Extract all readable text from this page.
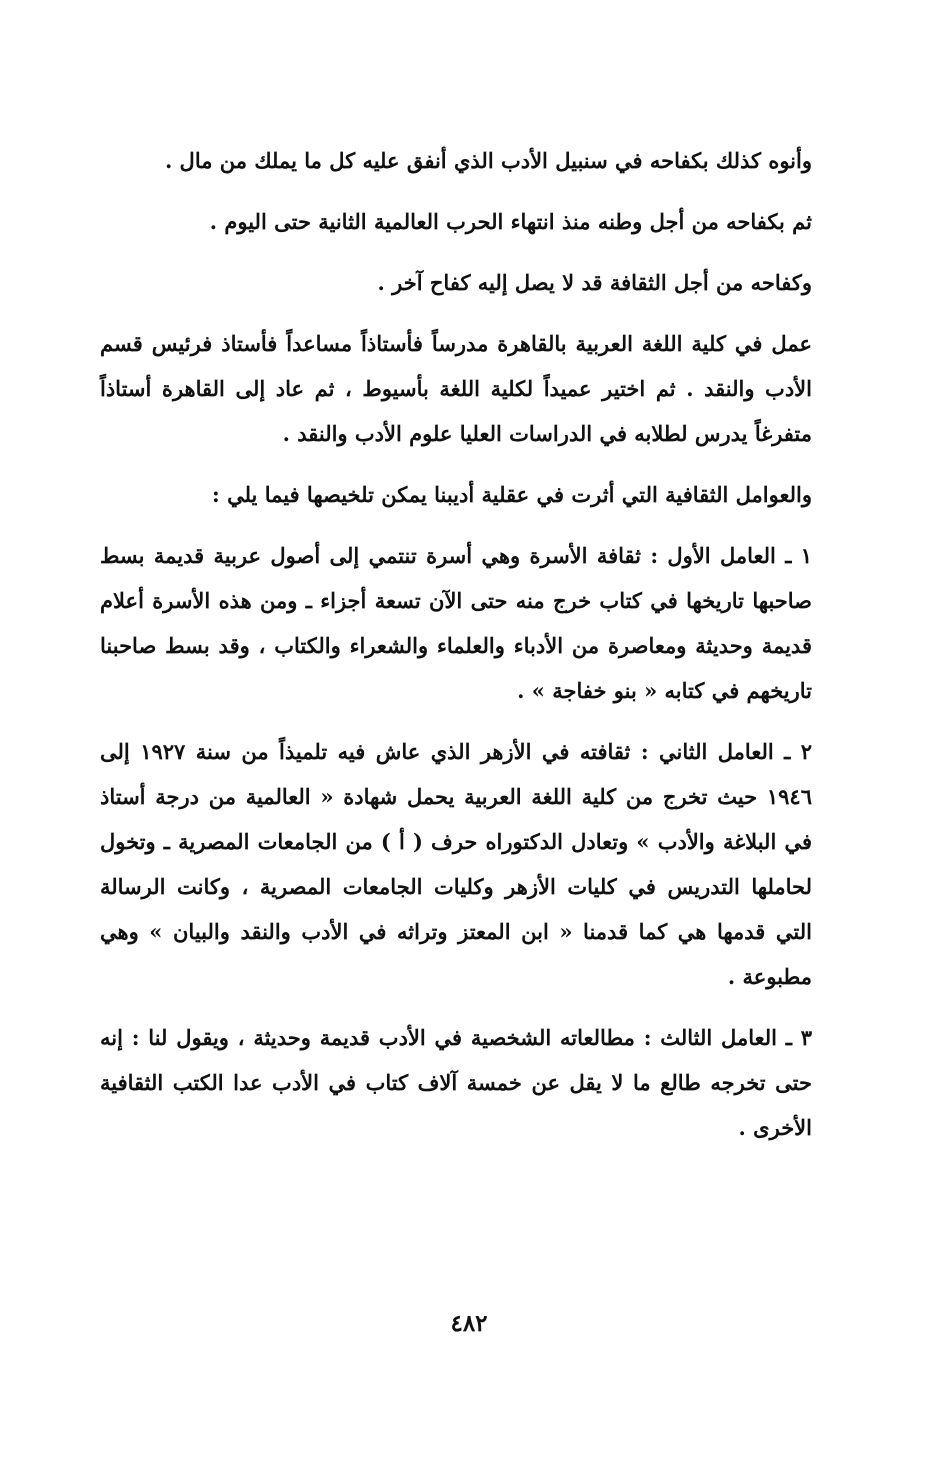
وأنوه كذلك بكفاحه في سنبيل الأدب الذي أنفق عليه كل ما يملك من مال .

ثم بكفاحه من أجل وطنه منذ انتهاء الحرب العالمية الثانية حتى اليوم .

وكفاحه من أجل الثقافة قد لا يصل إليه كفاح آخر .

عمل في كلية اللغة العربية بالقاهرة مدرساً فأستاذاً مساعداً فأستاذ فرئيس قسم الأدب والنقد . ثم اختير عميداً لكلية اللغة بأسيوط ، ثم عاد إلى القاهرة أستاذاً متفرغاً يدرس لطلابه في الدراسات العليا علوم الأدب والنقد .

والعوامل الثقافية التي أثرت في عقلية أديبنا يمكن تلخيصها فيما يلي :

١ ـ العامل الأول : ثقافة الأسرة وهي أسرة تنتمي إلى أصول عربية قديمة بسط صاحبها تاريخها في كتاب خرج منه حتى الآن تسعة أجزاء ـ ومن هذه الأسرة أعلام قديمة وحديثة ومعاصرة من الأدباء والعلماء والشعراء والكتاب ، وقد بسط صاحبنا تاريخهم في كتابه « بنو خفاجة » .

٢ ـ العامل الثاني : ثقافته في الأزهر الذي عاش فيه تلميذاً من سنة ١٩٢٧ إلى ١٩٤٦ حيث تخرج من كلية اللغة العربية يحمل شهادة « العالمية من درجة أستاذ في البلاغة والأدب » وتعادل الدكتوراه حرف ( أ ) من الجامعات المصرية ـ وتخول لحاملها التدريس في كليات الأزهر وكليات الجامعات المصرية ، وكانت الرسالة التي قدمها هي كما قدمنا « ابن المعتز وتراثه في الأدب والنقد والبيان » وهي مطبوعة .

٣ ـ العامل الثالث : مطالعاته الشخصية في الأدب قديمة وحديثة ، ويقول لنا : إنه حتى تخرجه طالع ما لا يقل عن خمسة آلاف كتاب في الأدب عدا الكتب الثقافية الأخرى .

٤٨٢
